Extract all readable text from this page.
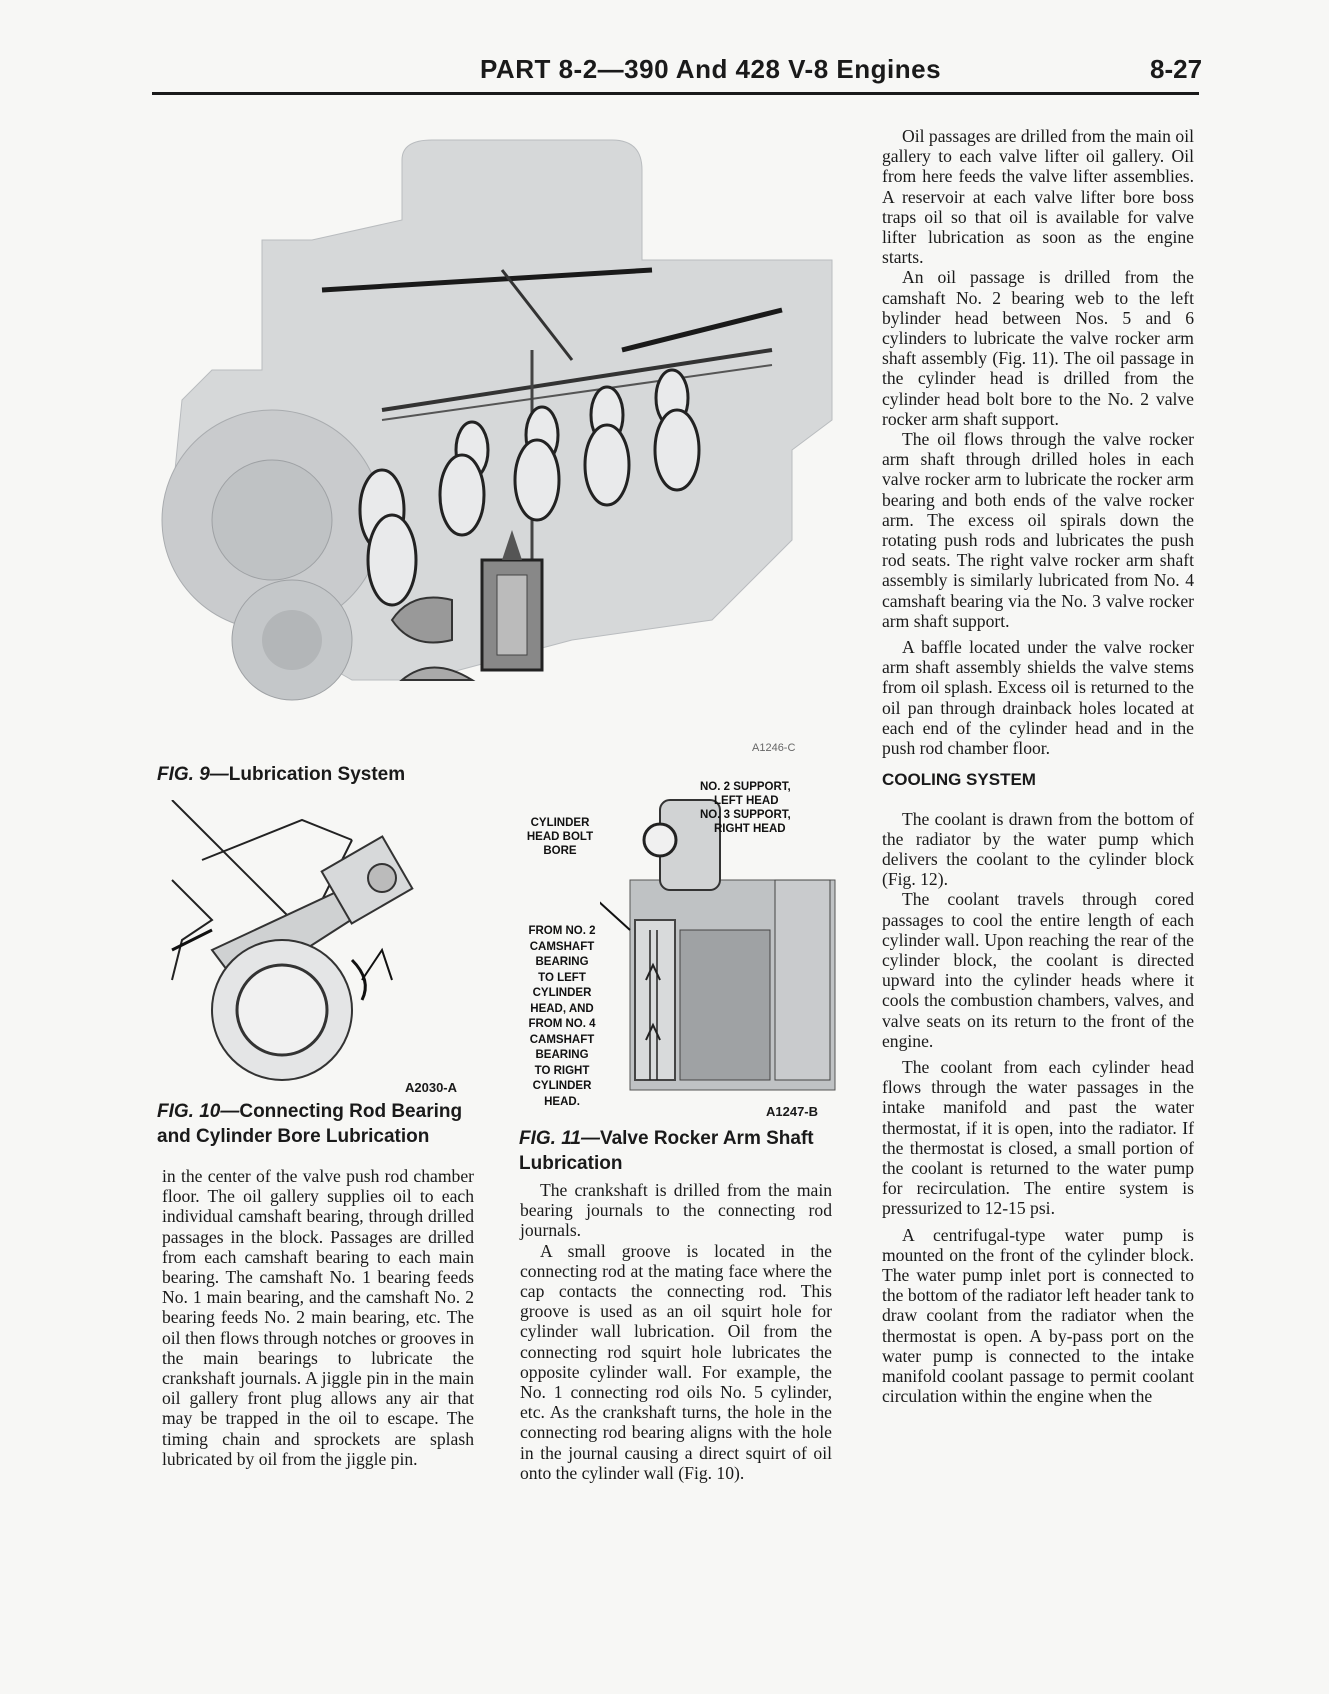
PART 8-2—390 And 428 V-8 Engines	8-27
A1246-C
FIG. 9—Lubrication System
A2030-A
FIG. 10—Connecting Rod Bearing
and Cylinder Bore Lubrication
NO. 2 SUPPORT,
LEFT HEAD
NO. 3 SUPPORT,
RIGHT HEAD
CYLINDER
HEAD BOLT
BORE
FROM NO. 2
CAMSHAFT
BEARING
TO LEFT
CYLINDER
HEAD, AND
FROM NO. 4
CAMSHAFT
BEARING
TO RIGHT
CYLINDER
HEAD.
A1247-B
FIG. 11—Valve Rocker Arm Shaft
Lubrication

in the center of the valve push rod chamber floor. The oil gallery supplies oil to each individual camshaft bearing, through drilled passages in the block. Passages are drilled from each camshaft bearing to each main bearing. The camshaft No. 1 bearing feeds No. 1 main bearing, and the camshaft No. 2 bearing feeds No. 2 main bearing, etc. The oil then flows through notches or grooves in the main bearings to lubricate the crankshaft journals. A jiggle pin in the main oil gallery front plug allows any air that may be trapped in the oil to escape. The timing chain and sprockets are splash lubricated by oil from the jiggle pin.

The crankshaft is drilled from the main bearing journals to the connecting rod journals.

A small groove is located in the connecting rod at the mating face where the cap contacts the connecting rod. This groove is used as an oil squirt hole for cylinder wall lubrication. Oil from the connecting rod squirt hole lubricates the opposite cylinder wall. For example, the No. 1 connecting rod oils No. 5 cylinder, etc. As the crankshaft turns, the hole in the connecting rod bearing aligns with the hole in the journal causing a direct squirt of oil onto the cylinder wall (Fig. 10).

Oil passages are drilled from the main oil gallery to each valve lifter oil gallery. Oil from here feeds the valve lifter assemblies. A reservoir at each valve lifter bore boss traps oil so that oil is available for valve lifter lubrication as soon as the engine starts.

An oil passage is drilled from the camshaft No. 2 bearing web to the left bylinder head between Nos. 5 and 6 cylinders to lubricate the valve rocker arm shaft assembly (Fig. 11). The oil passage in the cylinder head is drilled from the cylinder head bolt bore to the No. 2 valve rocker arm shaft support.

The oil flows through the valve rocker arm shaft through drilled holes in each valve rocker arm to lubricate the rocker arm bearing and both ends of the valve rocker arm. The excess oil spirals down the rotating push rods and lubricates the push rod seats. The right valve rocker arm shaft assembly is similarly lubricated from No. 4 camshaft bearing via the No. 3 valve rocker arm shaft support.

A baffle located under the valve rocker arm shaft assembly shields the valve stems from oil splash. Excess oil is returned to the oil pan through drainback holes located at each end of the cylinder head and in the push rod chamber floor.

COOLING SYSTEM

The coolant is drawn from the bottom of the radiator by the water pump which delivers the coolant to the cylinder block (Fig. 12).

The coolant travels through cored passages to cool the entire length of each cylinder wall. Upon reaching the rear of the cylinder block, the coolant is directed upward into the cylinder heads where it cools the combustion chambers, valves, and valve seats on its return to the front of the engine.

The coolant from each cylinder head flows through the water passages in the intake manifold and past the water thermostat, if it is open, into the radiator. If the thermostat is closed, a small portion of the coolant is returned to the water pump for recirculation. The entire system is pressurized to 12-15 psi.

A centrifugal-type water pump is mounted on the front of the cylinder block. The water pump inlet port is connected to the bottom of the radiator left header tank to draw coolant from the radiator when the thermostat is open. A by-pass port on the water pump is connected to the intake manifold coolant passage to permit coolant circulation within the engine when the
